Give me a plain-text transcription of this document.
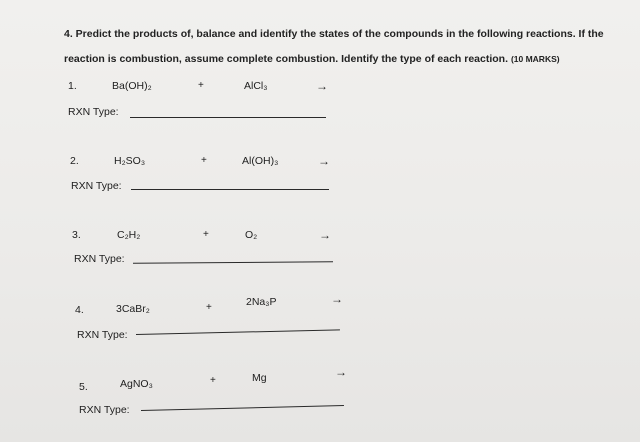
4. Predict the products of, balance and identify the states of the compounds in the following reactions. If the reaction is combustion, assume complete combustion. Identify the type of each reaction. (10 MARKS)
1.	Ba(OH)₂	+	AlCl₃	→
RXN Type:
2.	H₂SO₃	+	Al(OH)₃	→
RXN Type:
3.	C₂H₂	+	O₂	→
RXN Type:
4.	3CaBr₂	+	2Na₃P	→
RXN Type:
5.	AgNO₃	+	Mg	→
RXN Type:
